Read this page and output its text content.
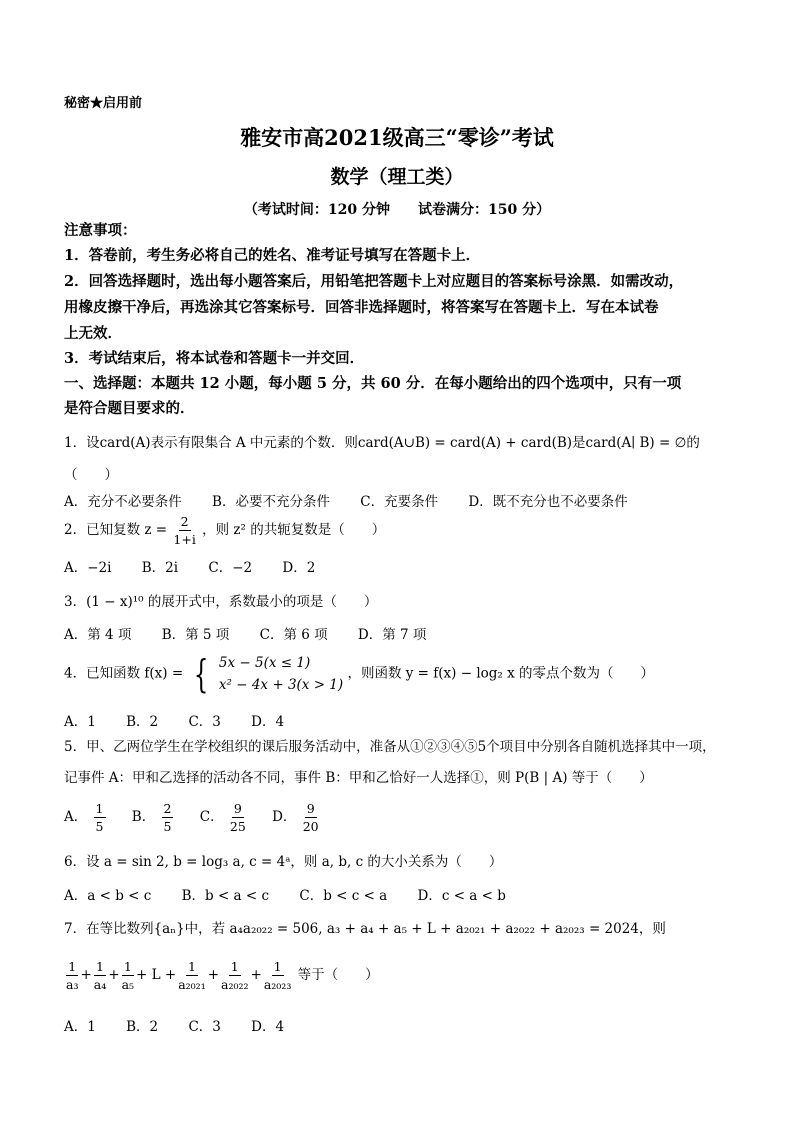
秘密★启用前
雅安市高2021级高三“零诊”考试
数学（理工类）
（考试时间：120 分钟　　试卷满分：150 分）
注意事项：
1．答卷前，考生务必将自己的姓名、准考证号填写在答题卡上．
2．回答选择题时，选出每小题答案后，用铅笔把答题卡上对应题目的答案标号涂黑．如需改动，
用橡皮擦干净后，再选涂其它答案标号．回答非选择题时，将答案写在答题卡上．写在本试卷
上无效．
3．考试结束后，将本试卷和答题卡一并交回．
一、选择题：本题共 12 小题，每小题 5 分，共 60 分．在每小题给出的四个选项中，只有一项
是符合题目要求的．
1．设card(A)表示有限集合 A 中元素的个数．则card(A∪B) = card(A) + card(B)是card(A∣ B) = ∅的
（　　）
A．充分不必要条件 B．必要不充分条件 C．充要条件 D．既不充分也不必要条件
2．已知复数 $z = \frac{2}{1+i}$ ，则 z² 的共轭复数是（　　）
A．−2i B．2i C．−2 D．2
3．(1 − x)¹⁰ 的展开式中，系数最小的项是（　　）
A．第 4 项 B．第 5 项 C．第 6 项 D．第 7 项
4．已知函数 f(x) = { 5x − 5(x ≤ 1)
x² − 4x + 3(x > 1)
，则函数 y = f(x) − log₂ x 的零点个数为（　　）
A．1 B．2 C．3 D．4
5．甲、乙两位学生在学校组织的课后服务活动中，准备从①②③④⑤5个项目中分别各自随机选择其中一项，
记事件 A：甲和乙选择的活动各不同，事件 B：甲和乙恰好一人选择①，则 P(B | A) 等于（　　）
A． $\frac{1}{5}$ B． $\frac{2}{5}$ C． $\frac{9}{25}$ D． $\frac{9}{20}$
6．设 a = sin 2, b = log₃ a, c = 4ᵃ，则 a, b, c 的大小关系为（　　）
A．a < b < c B．b < a < c C．b < c < a D．c < a < b
7．在等比数列{aₙ}中，若 a₄a₂₀₂₂ = 506, a₃ + a₄ + a₅ + L + a₂₀₂₁ + a₂₀₂₂ + a₂₀₂₃ = 2024，则
$\frac{1}{\text{a₃}} + \frac{1}{\text{a₄}} + \frac{1}{\text{a₅}} + L + \frac{1}{\text{a₂₀₂₁}} + \frac{1}{\text{a₂₀₂₂}} + \frac{1}{\text{a₂₀₂₃}}$ 等于（　　）
A．1 B．2 C．3 D．4
